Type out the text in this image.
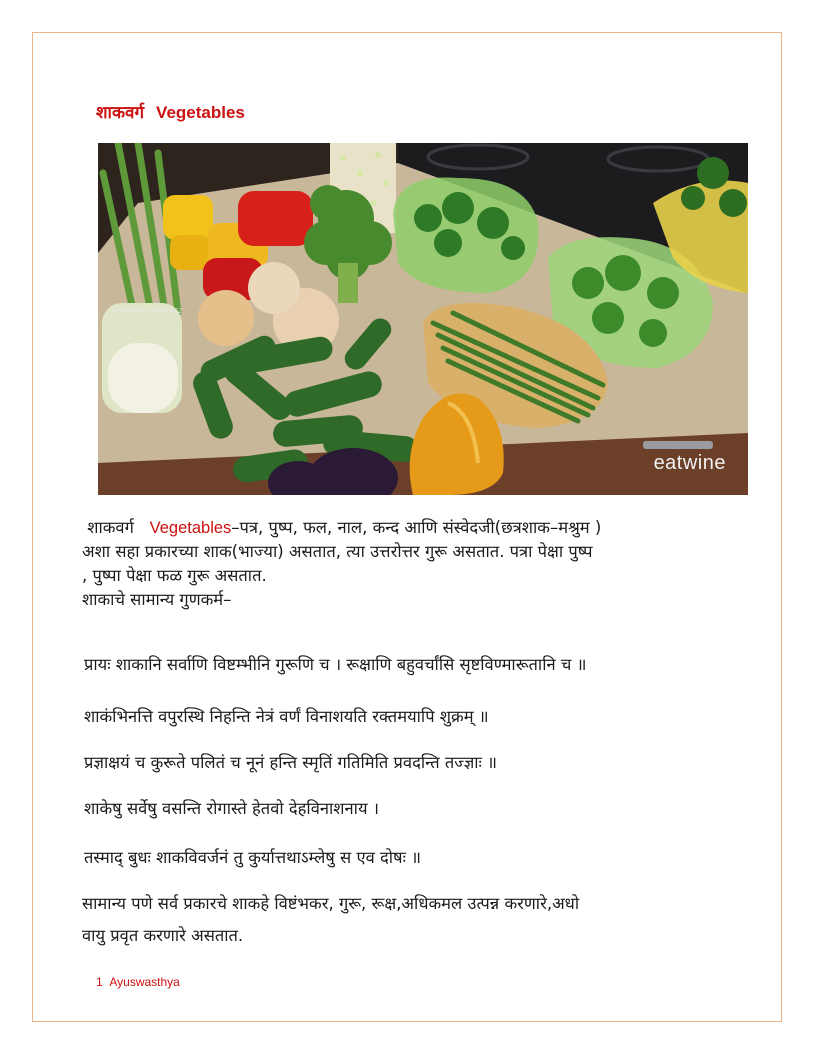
शाकवर्ग Vegetables
© FRANCISCO RAMIREZ
eatwine
शाकवर्ग Vegetables–पत्र, पुष्प, फल, नाल, कन्द आणि संस्वेदजी(छत्रशाक–मश्रुम )
अशा सहा प्रकारच्या शाक(भाज्या) असतात, त्या उत्तरोत्तर गुरू असतात. पत्रा पेक्षा पुष्प
, पुष्पा पेक्षा फळ गुरू असतात.
शाकाचे सामान्य गुणकर्म–
प्रायः शाकानि सर्वाणि विष्टम्भीनि गुरूणि च । रूक्षाणि बहुवर्चांसि सृष्टविण्मारूतानि च ॥
शाकंभिनत्ति वपुरस्थि निहन्ति नेत्रं वर्णं विनाशयति रक्तमयापि शुक्रम् ॥
प्रज्ञाक्षयं च कुरूते पलितं च नूनं हन्ति स्मृतिं गतिमिति प्रवदन्ति तज्ज्ञाः ॥
शाकेषु सर्वेषु वसन्ति रोगास्ते हेतवो देहविनाशनाय ।
तस्माद् बुधः शाकविवर्जनं तु कुर्यात्तथाऽम्लेषु स एव दोषः ॥
सामान्य पणे सर्व प्रकारचे शाकहे विष्टंभकर, गुरू, रूक्ष,अधिकमल उत्पन्न करणारे,अधो
वायु प्रवृत करणारे असतात.
1 Ayuswasthya
